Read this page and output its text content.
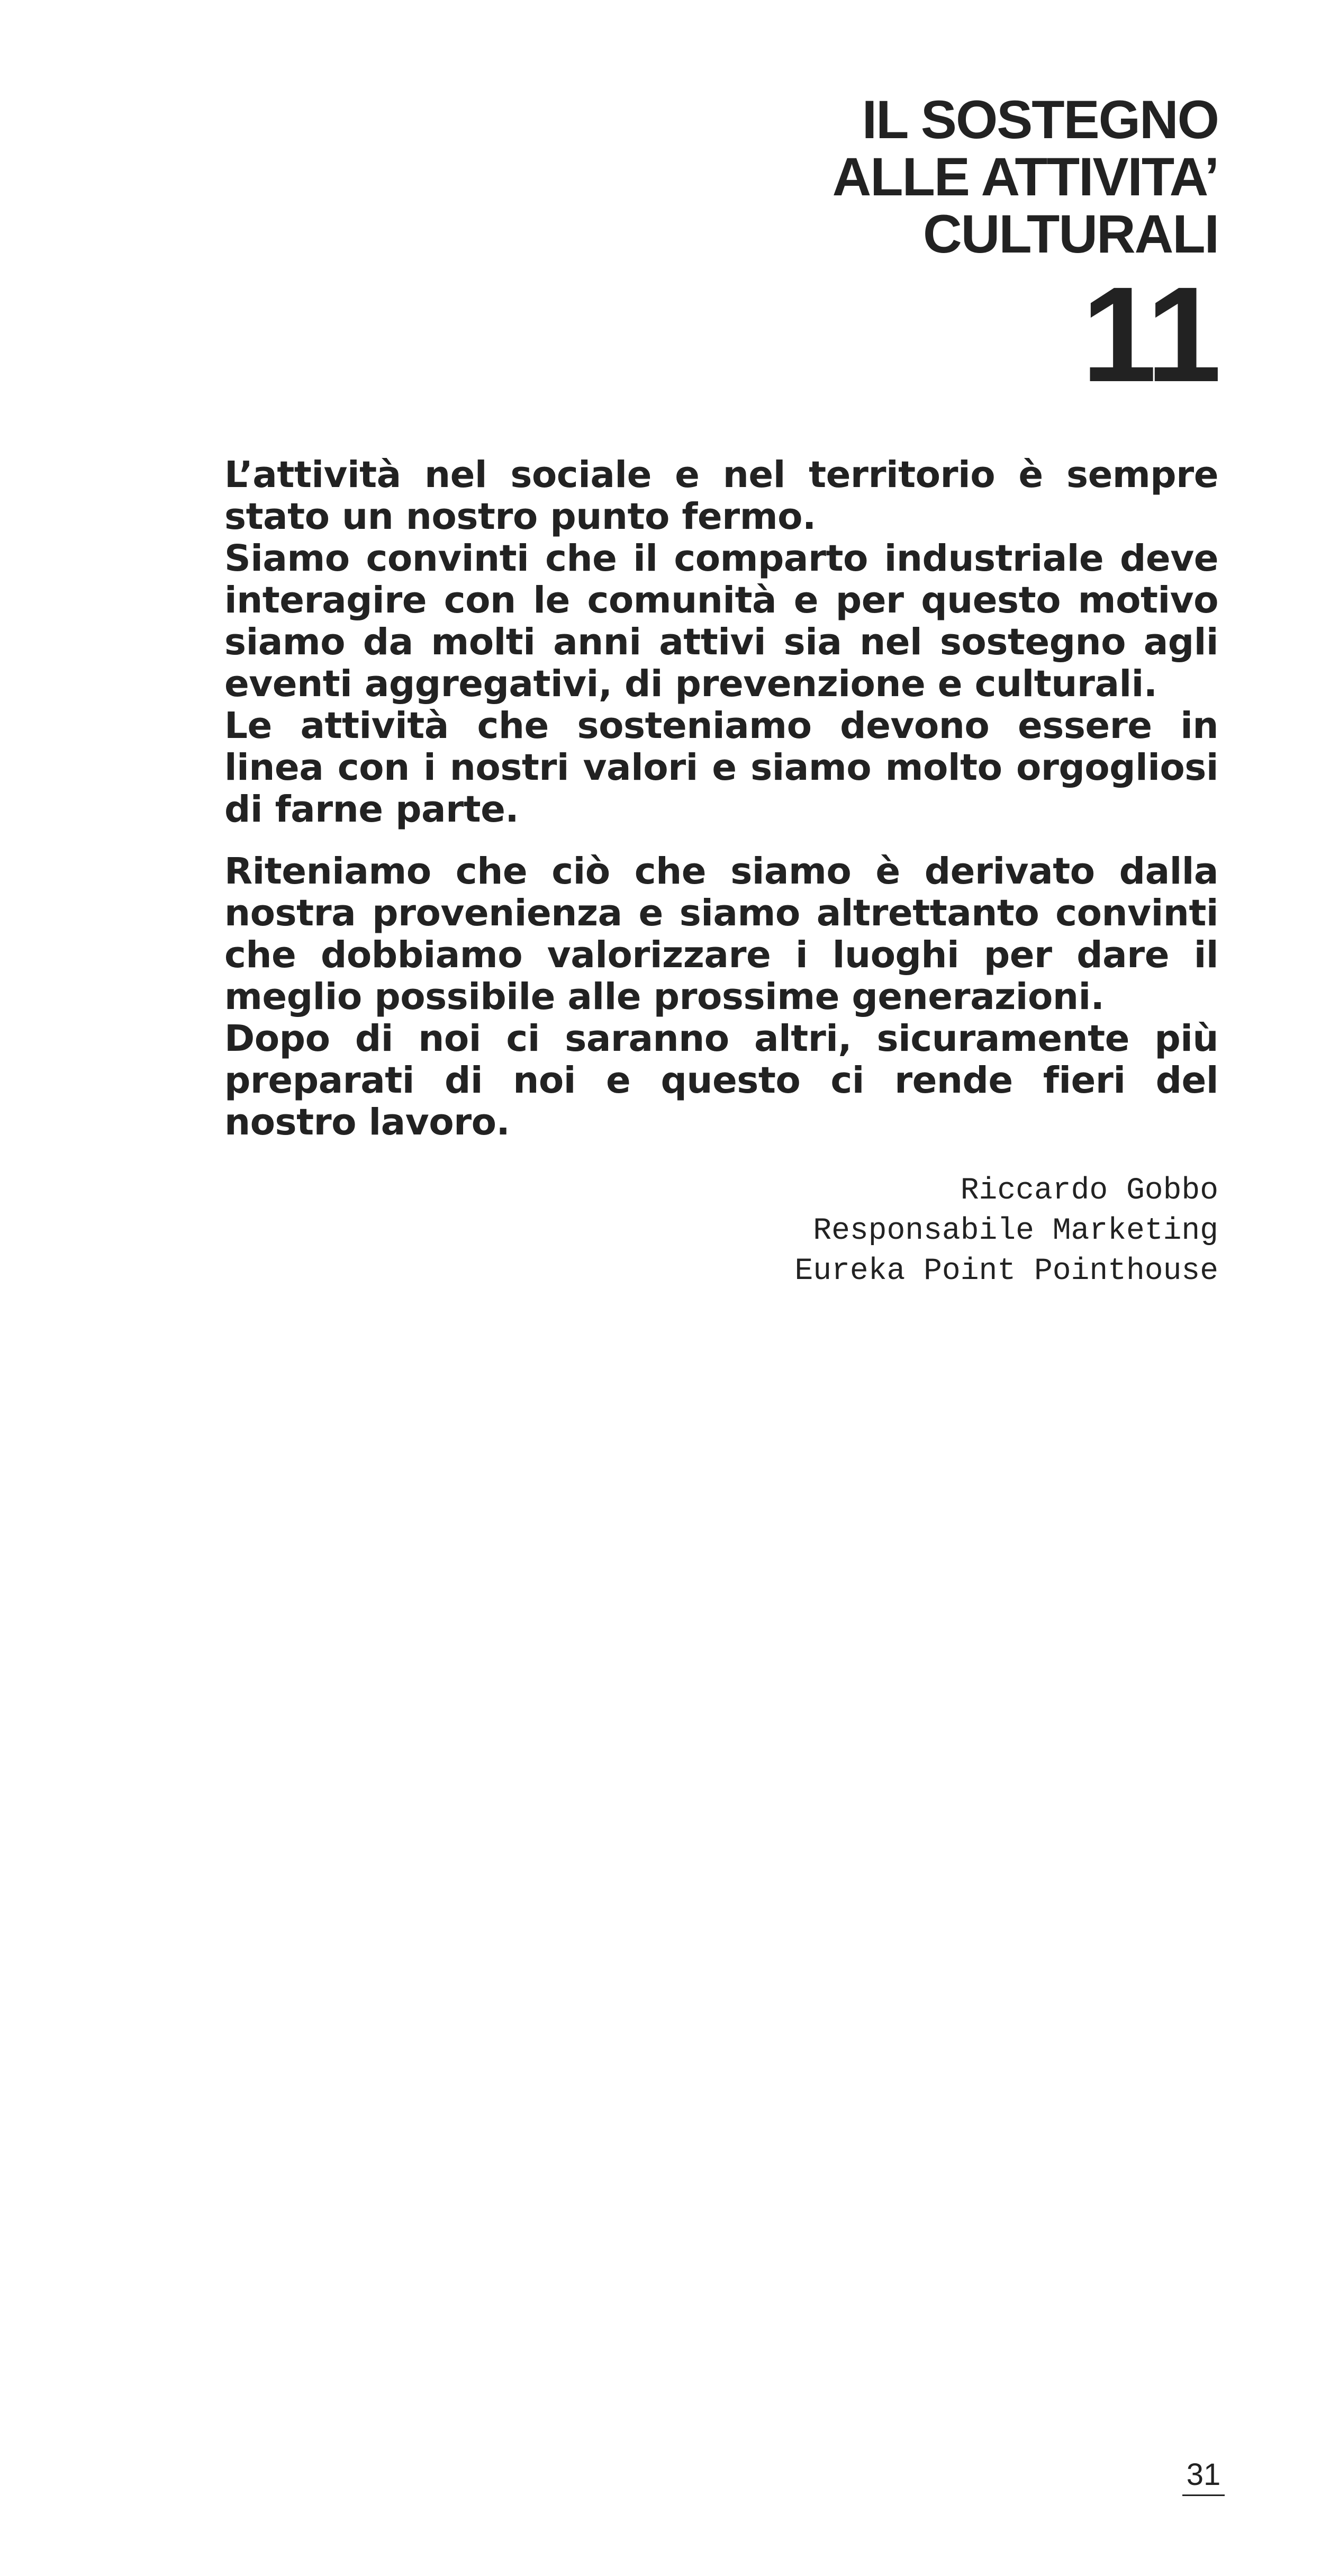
IL SOSTEGNO
ALLE ATTIVITA’
CULTURALI
11

L’attività nel sociale e nel territorio è sempre stato un nostro punto fermo.

Siamo convinti che il comparto industriale deve interagire con le comunità e per questo motivo siamo da molti anni attivi sia nel sostegno agli eventi aggregativi, di prevenzione e culturali.

Le attività che sosteniamo devono essere in linea con i nostri valori e siamo molto orgogliosi di farne parte.

Riteniamo che ciò che siamo è derivato dalla nostra provenienza e siamo altrettanto convinti che dobbiamo valorizzare i luoghi per dare il meglio possibile alle prossime generazioni.

Dopo di noi ci saranno altri, sicuramente più preparati di noi e questo ci rende fieri del nostro lavoro.

Riccardo Gobbo
Responsabile Marketing
Eureka Point Pointhouse
31
